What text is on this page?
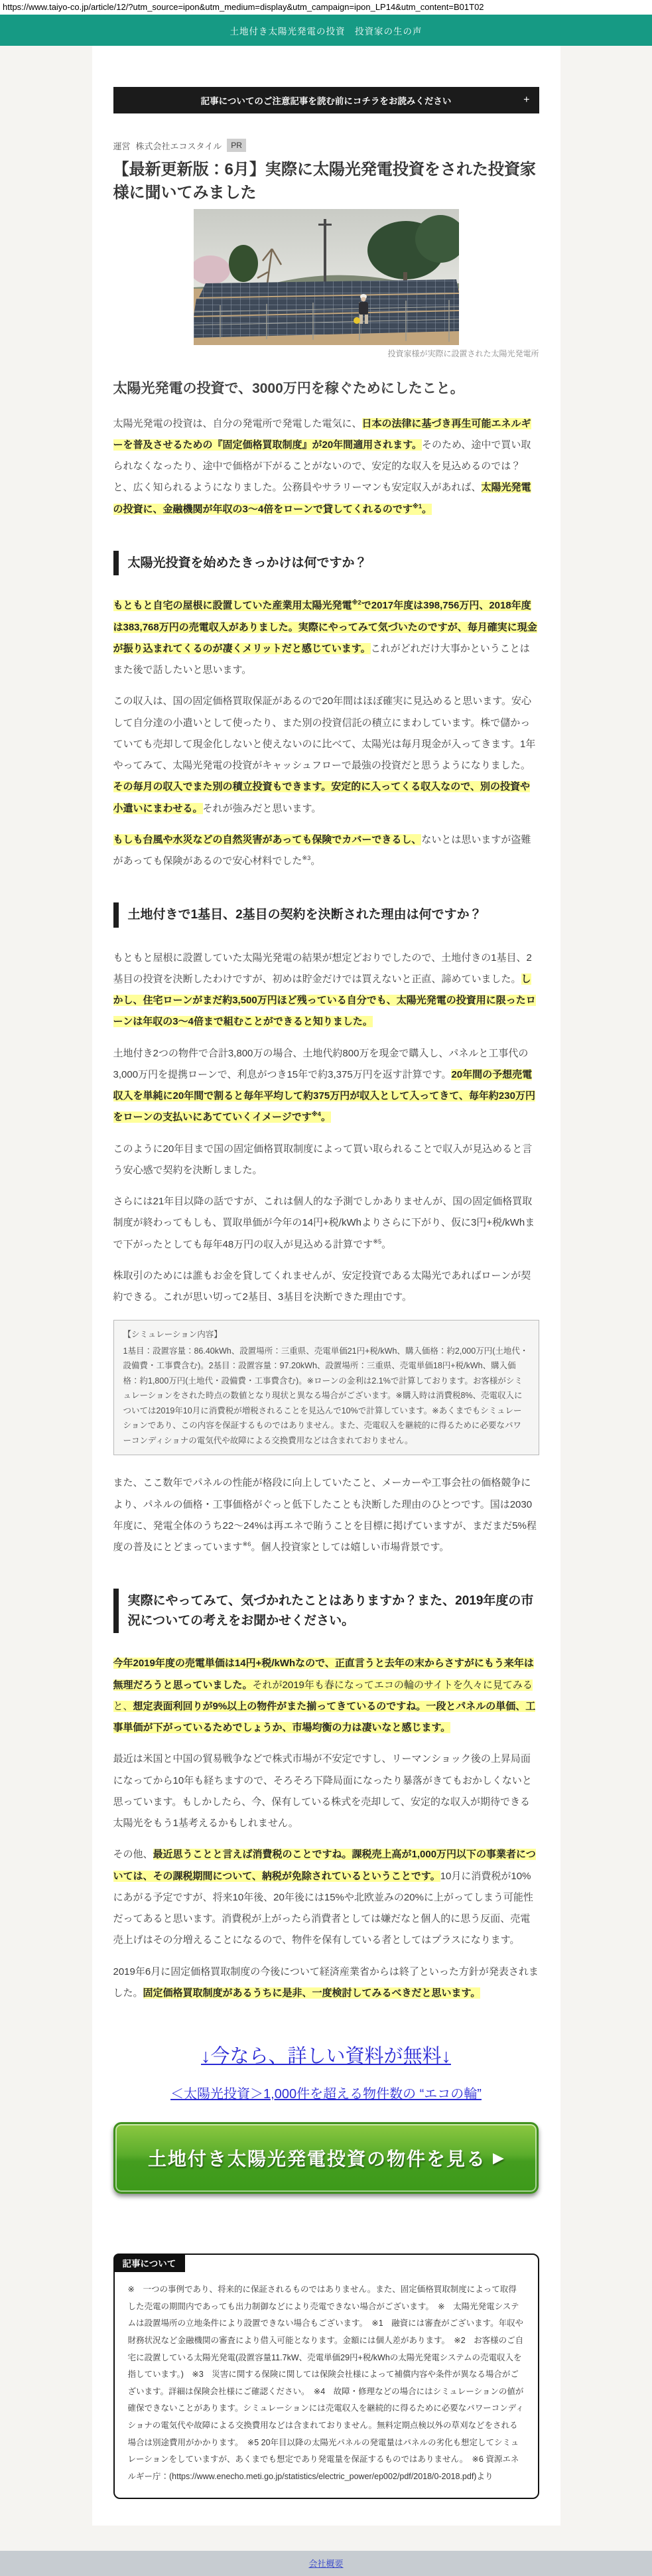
https://www.taiyo-co.jp/article/12/?utm_source=ipon&utm_medium=display&utm_campaign=ipon_LP14&utm_content=B01T02
土地付き太陽光発電の投資　投資家の生の声
記事についてのご注意記事を読む前にコチラをお読みください	+
運営 株式会社エコスタイル	PR
【最新更新版：6月】実際に太陽光発電投資をされた投資家様に聞いてみました
投資家様が実際に設置された太陽光発電所
太陽光発電の投資で、3000万円を稼ぐためにしたこと。

太陽光発電の投資は、自分の発電所で発電した電気に、日本の法律に基づき再生可能エネルギーを普及させるための『固定価格買取制度』が20年間適用されます。そのため、途中で買い取られなくなったり、途中で価格が下がることがないので、安定的な収入を見込めるのでは？と、広く知られるようになりました。公務員やサラリーマンも安定収入があれば、太陽光発電の投資に、金融機関が年収の3～4倍をローンで貸してくれるのです$^{※1}$。

太陽光投資を始めたきっかけは何ですか？

もともと自宅の屋根に設置していた産業用太陽光発電$^{※2}$で2017年度は398,756万円、2018年度は383,768万円の売電収入がありました。実際にやってみて気づいたのですが、毎月確実に現金が振り込まれてくるのが凄くメリットだと感じています。これがどれだけ大事かということはまた後で話したいと思います。

この収入は、国の固定価格買取保証があるので20年間はほぼ確実に見込めると思います。安心して自分達の小遣いとして使ったり、また別の投資信託の積立にまわしています。株で儲かっていても売却して現金化しないと使えないのに比べて、太陽光は毎月現金が入ってきます。1年やってみて、太陽光発電の投資がキャッシュフローで最強の投資だと思うようになりました。その毎月の収入でまた別の積立投資もできます。安定的に入ってくる収入なので、別の投資や小遣いにまわせる。それが強みだと思います。

もしも台風や水災などの自然災害があっても保険でカバーできるし、ないとは思いますが盗難があっても保険があるので安心材料でした$^{※3}$。

土地付きで1基目、2基目の契約を決断された理由は何ですか？

もともと屋根に設置していた太陽光発電の結果が想定どおりでしたので、土地付きの1基目、2基目の投資を決断したわけですが、初めは貯金だけでは買えないと正直、諦めていました。しかし、住宅ローンがまだ約3,500万円ほど残っている自分でも、太陽光発電の投資用に限ったローンは年収の3～4倍まで組むことができると知りました。

土地付き2つの物件で合計3,800万の場合、土地代約800万を現金で購入し、パネルと工事代の3,000万円を提携ローンで、利息がつき15年で約3,375万円を返す計算です。20年間の予想売電収入を単純に20年間で割ると毎年平均して約375万円が収入として入ってきて、毎年約230万円をローンの支払いにあてていくイメージです$^{※4}$。

このように20年目まで国の固定価格買取制度によって買い取られることで収入が見込めると言う安心感で契約を決断しました。

さらには21年目以降の話ですが、これは個人的な予測でしかありませんが、国の固定価格買取制度が終わってもしも、買取単価が今年の14円+税/kWhよりさらに下がり、仮に3円+税/kWhまで下がったとしても毎年48万円の収入が見込める計算です$^{※5}$。

株取引のためには誰もお金を貸してくれませんが、安定投資である太陽光であればローンが契約できる。これが思い切って2基目、3基目を決断できた理由です。

【シミュレーション内容】
1基目：設置容量：86.40kWh、設置場所：三重県、売電単価21円+税/kWh、購入価格：約2,000万円(土地代・設備費・工事費含む)。2基目：設置容量：97.20kWh、設置場所：三重県、売電単価18円+税/kWh、購入価格：約1,800万円(土地代・設備費・工事費含む)。※ローンの金利は2.1%で計算しております。お客様がシミュレーションをされた時点の数値となり現状と異なる場合がございます。※購入時は消費税8%、売電収入については2019年10月に消費税が増税されることを見込んで10%で計算しています。※あくまでもシミュレーションであり、この内容を保証するものではありません。また、売電収入を継続的に得るために必要なパワーコンディショナの電気代や故障による交換費用などは含まれておりません。

また、ここ数年でパネルの性能が格段に向上していたこと、メーカーや工事会社の価格競争により、パネルの価格・工事価格がぐっと低下したことも決断した理由のひとつです。国は2030年度に、発電全体のうち22～24%は再エネで賄うことを目標に掲げていますが、まだまだ5%程度の普及にとどまっています$^{※6}$。個人投資家としては嬉しい市場背景です。

実際にやってみて、気づかれたことはありますか？また、2019年度の市況についての考えをお聞かせください。

今年2019年度の売電単価は14円+税/kWhなので、正直言うと去年の末からさすがにもう来年は無理だろうと思っていました。それが2019年も春になってエコの輪のサイトを久々に見てみると、想定表面利回りが9%以上の物件がまた揃ってきているのですね。一段とパネルの単価、工事単価が下がっているためでしょうか、市場均衡の力は凄いなと感じます。

最近は米国と中国の貿易戦争などで株式市場が不安定ですし、リーマンショック後の上昇局面になってから10年も経ちますので、そろそろ下降局面になったり暴落がきてもおかしくないと思っています。もしかしたら、今、保有している株式を売却して、安定的な収入が期待できる太陽光をもう1基考えるかもしれません。

その他、最近思うことと言えば消費税のことですね。課税売上高が1,000万円以下の事業者については、その課税期間について、納税が免除されているということです。10月に消費税が10%にあがる予定ですが、将来10年後、20年後には15%や北欧並みの20%に上がってしまう可能性だってあると思います。消費税が上がったら消費者としては嫌だなと個人的に思う反面、売電売上げはその分増えることになるので、物件を保有している者としてはプラスになります。

2019年6月に固定価格買取制度の今後について経済産業省からは終了といった方針が発表されました。固定価格買取制度があるうちに是非、一度検討してみるべきだと思います。

↓今なら、詳しい資料が無料↓
＜太陽光投資＞1,000件を超える物件数の “エコの輪”
土地付き太陽光発電投資の物件を見る ▶
記事について
※　一つの事例であり、将来的に保証されるものではありません。また、固定価格買取制度によって取得した売電の期間内であっても出力制御などにより売電できない場合がございます。　※　太陽光発電システムは設置場所の立地条件により設置できない場合もございます。　※1　融資には審査がございます。年収や財務状況など金融機関の審査により借入可能となります。金額には個人差があります。　※2　お客様のご自宅に設置している太陽光発電(設置容量11.7kW、売電単価29円+税/kWhの太陽光発電システムの売電収入を指しています。)　※3　災害に関する保険に関しては保険会社様によって補償内容や条件が異なる場合がございます。詳細は保険会社様にご確認ください。　※4　故障・修理などの場合にはシミュレーションの値が確保できないことがあります。シミュレーションには売電収入を継続的に得るために必要なパワーコンディショナの電気代や故障による交換費用などは含まれておりません。無料定期点検以外の草刈などをされる場合は別途費用がかかります。　※5 20年目以降の太陽光パネルの発電量はパネルの劣化も想定してシミュレーションをしていますが、あくまでも想定であり発電量を保証するものではありません。　※6 資源エネルギー庁：(https://www.enecho.meti.go.jp/statistics/electric_power/ep002/pdf/2018/0-2018.pdf)より
会社概要
